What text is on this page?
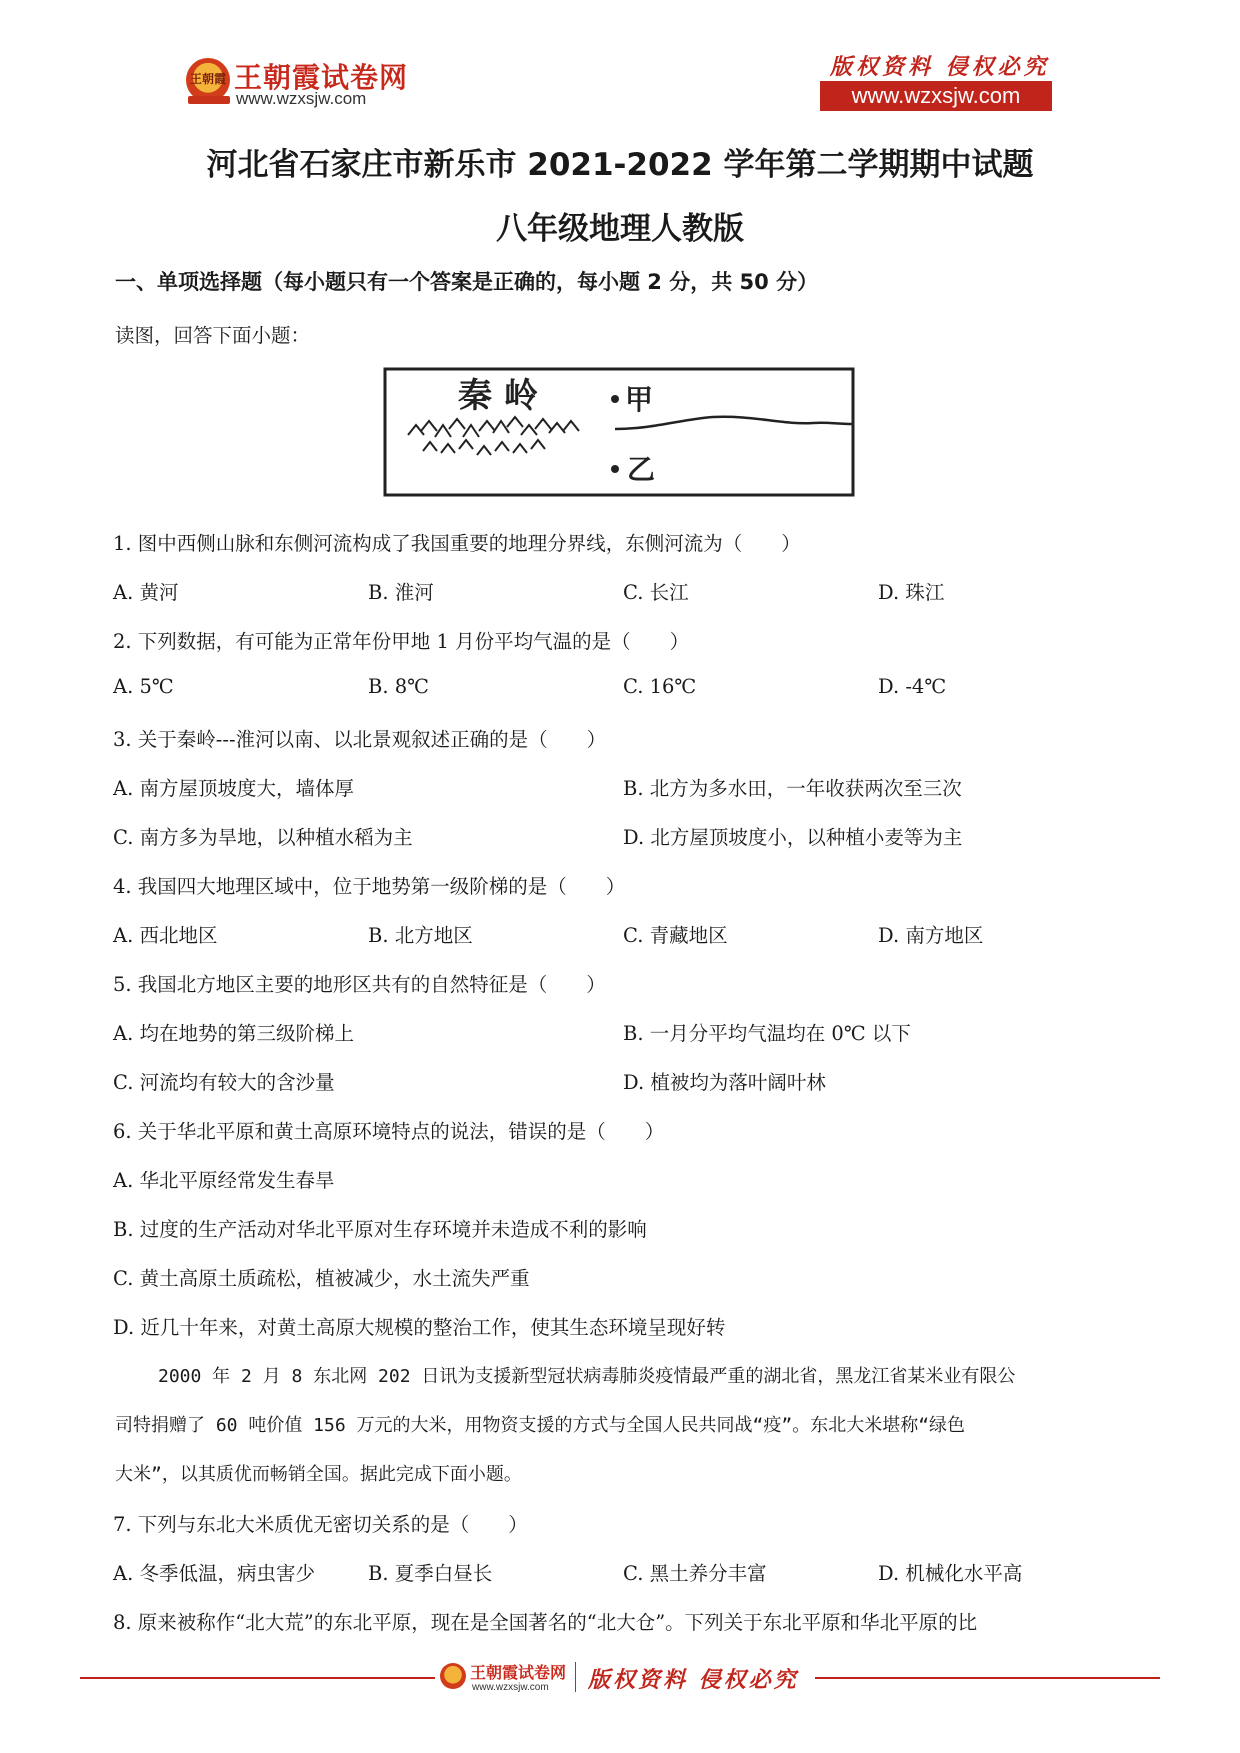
王朝霞 王朝霞试卷网
www.wzxsjw.com
版权资料 侵权必究
www.wzxsjw.com
河北省石家庄市新乐市 2021-2022 学年第二学期期中试题
八年级地理人教版
一、单项选择题（每小题只有一个答案是正确的，每小题 2 分，共 50 分）
读图，回答下面小题：
秦 岭	甲
乙
1. 图中西侧山脉和东侧河流构成了我国重要的地理分界线，东侧河流为（　　）
A. 黄河	B. 淮河	C. 长江	D. 珠江
2. 下列数据，有可能为正常年份甲地 1 月份平均气温的是（　　）
A. 5℃	B. 8℃	C. 16℃	D. -4℃
3. 关于秦岭---淮河以南、以北景观叙述正确的是（　　）
A. 南方屋顶坡度大，墙体厚	B. 北方为多水田，一年收获两次至三次
C. 南方多为旱地，以种植水稻为主	D. 北方屋顶坡度小，以种植小麦等为主
4. 我国四大地理区域中，位于地势第一级阶梯的是（　　）
A. 西北地区	B. 北方地区	C. 青藏地区	D. 南方地区
5. 我国北方地区主要的地形区共有的自然特征是（　　）
A. 均在地势的第三级阶梯上	B. 一月分平均气温均在 0℃ 以下
C. 河流均有较大的含沙量	D. 植被均为落叶阔叶林
6. 关于华北平原和黄土高原环境特点的说法，错误的是（　　）
A. 华北平原经常发生春旱
B. 过度的生产活动对华北平原对生存环境并未造成不利的影响
C. 黄土高原土质疏松，植被减少，水土流失严重
D. 近几十年来，对黄土高原大规模的整治工作，使其生态环境呈现好转
2000 年 2 月 8 东北网 202 日讯为支援新型冠状病毒肺炎疫情最严重的湖北省，黑龙江省某米业有限公
司特捐赠了 60 吨价值 156 万元的大米，用物资支援的方式与全国人民共同战“疫”。东北大米堪称“绿色
大米”，以其质优而畅销全国。据此完成下面小题。
7. 下列与东北大米质优无密切关系的是（　　）
A. 冬季低温，病虫害少	B. 夏季白昼长	C. 黑土养分丰富	D. 机械化水平高
8. 原来被称作“北大荒”的东北平原，现在是全国著名的“北大仓”。下列关于东北平原和华北平原的比
王朝霞试卷网
www.wzxsjw.com 版权资料 侵权必究
